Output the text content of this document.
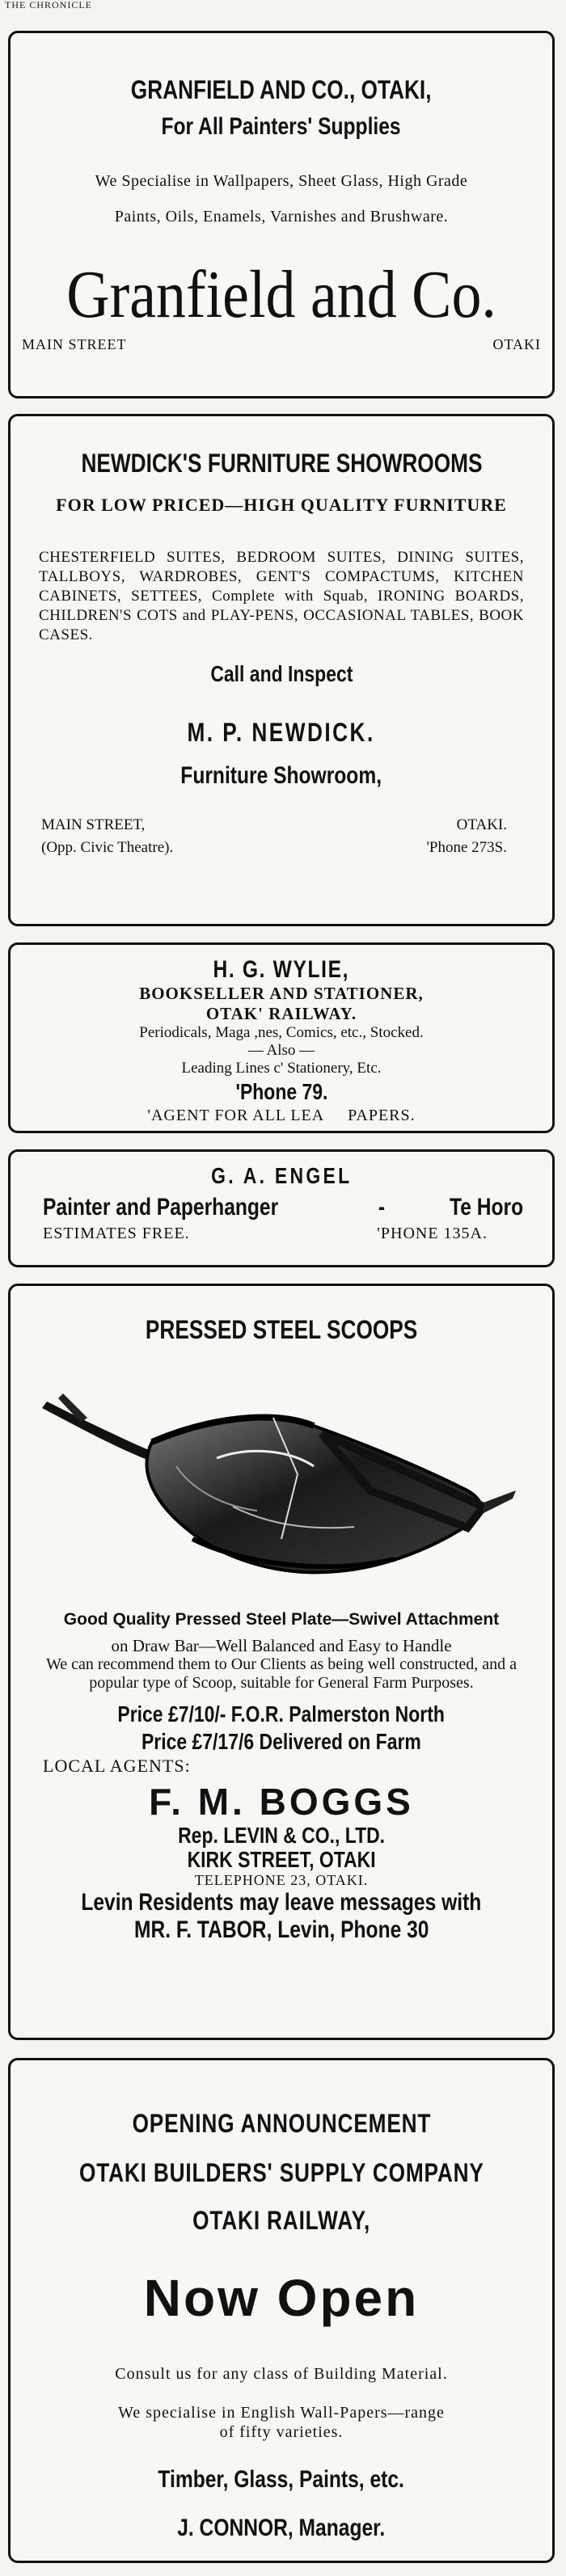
THE CHRONICLE
GRANFIELD AND CO., OTAKI,
For All Painters' Supplies
We Specialise in Wallpapers, Sheet Glass, High Grade
Paints, Oils, Enamels, Varnishes and Brushware.
Granfield and Co.
MAIN STREET	OTAKI
NEWDICK'S FURNITURE SHOWROOMS
FOR LOW PRICED—HIGH QUALITY FURNITURE
CHESTERFIELD SUITES, BEDROOM SUITES, DINING SUITES, TALLBOYS, WARDROBES, GENT'S COMPACTUMS, KITCHEN CABINETS, SETTEES, Complete with Squab, IRONING BOARDS, CHILDREN'S COTS and PLAY-PENS, OCCASIONAL TABLES, BOOK CASES.
Call and Inspect
M. P. NEWDICK.
Furniture Showroom,
MAIN STREET,
(Opp. Civic Theatre).
OTAKI.
'Phone 273S.
H. G. WYLIE,
BOOKSELLER AND STATIONER,
OTAK' RAILWAY.
Periodicals, Maga ,nes, Comics, etc., Stocked.
— Also —
Leading Lines c' Stationery, Etc.
'Phone 79.
'AGENT FOR ALL LEA     PAPERS.
G. A. ENGEL
Painter and Paperhanger	-	Te Horo
ESTIMATES FREE.	'PHONE 135A.
PRESSED STEEL SCOOPS
Good Quality Pressed Steel Plate—Swivel Attachment
on Draw Bar—Well Balanced and Easy to Handle
We can recommend them to Our Clients as being well constructed, and a popular type of Scoop, suitable for General Farm Purposes.
Price £7/10/- F.O.R. Palmerston North
Price £7/17/6 Delivered on Farm
LOCAL AGENTS:
F. M. BOGGS
Rep. LEVIN & CO., LTD.
KIRK STREET, OTAKI
TELEPHONE 23, OTAKI.
Levin Residents may leave messages with
MR. F. TABOR, Levin, Phone 30
OPENING ANNOUNCEMENT
OTAKI BUILDERS' SUPPLY COMPANY
OTAKI RAILWAY,
Now Open
Consult us for any class of Building Material.
We specialise in English Wall-Papers—range
of fifty varieties.
Timber, Glass, Paints, etc.
J. CONNOR, Manager.
